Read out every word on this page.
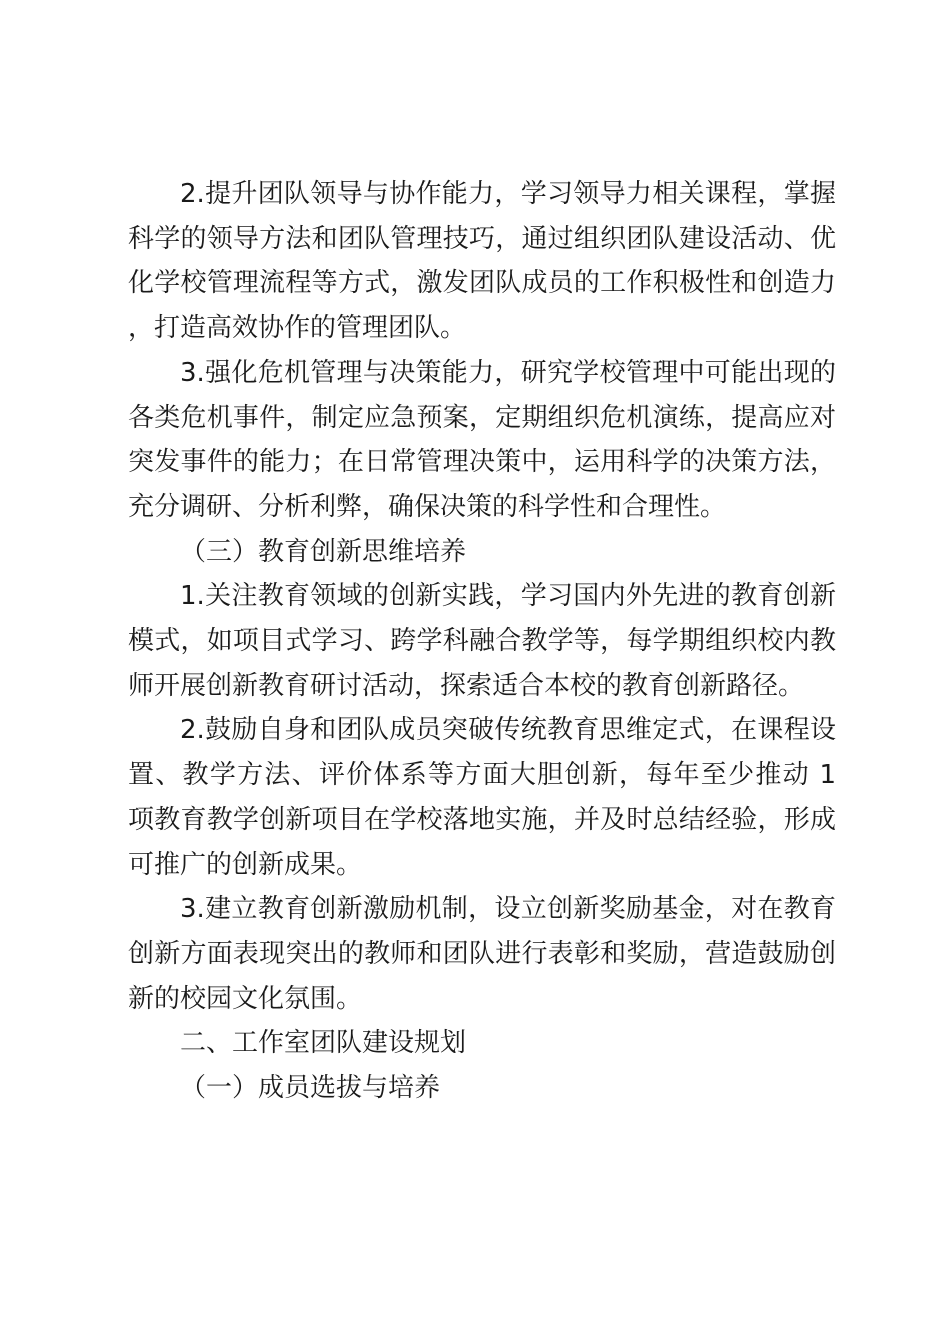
2.提升团队领导与协作能力，学习领导力相关课程，掌握科学的领导方法和团队管理技巧，通过组织团队建设活动、优化学校管理流程等方式，激发团队成员的工作积极性和创造力，打造高效协作的管理团队。

3.强化危机管理与决策能力，研究学校管理中可能出现的各类危机事件，制定应急预案，定期组织危机演练，提高应对突发事件的能力；在日常管理决策中，运用科学的决策方法，充分调研、分析利弊，确保决策的科学性和合理性。

（三）教育创新思维培养

1.关注教育领域的创新实践，学习国内外先进的教育创新模式，如项目式学习、跨学科融合教学等，每学期组织校内教师开展创新教育研讨活动，探索适合本校的教育创新路径。

2.鼓励自身和团队成员突破传统教育思维定式，在课程设置、教学方法、评价体系等方面大胆创新，每年至少推动 1 项教育教学创新项目在学校落地实施，并及时总结经验，形成可推广的创新成果。

3.建立教育创新激励机制，设立创新奖励基金，对在教育创新方面表现突出的教师和团队进行表彰和奖励，营造鼓励创新的校园文化氛围。

二、工作室团队建设规划

（一）成员选拔与培养
